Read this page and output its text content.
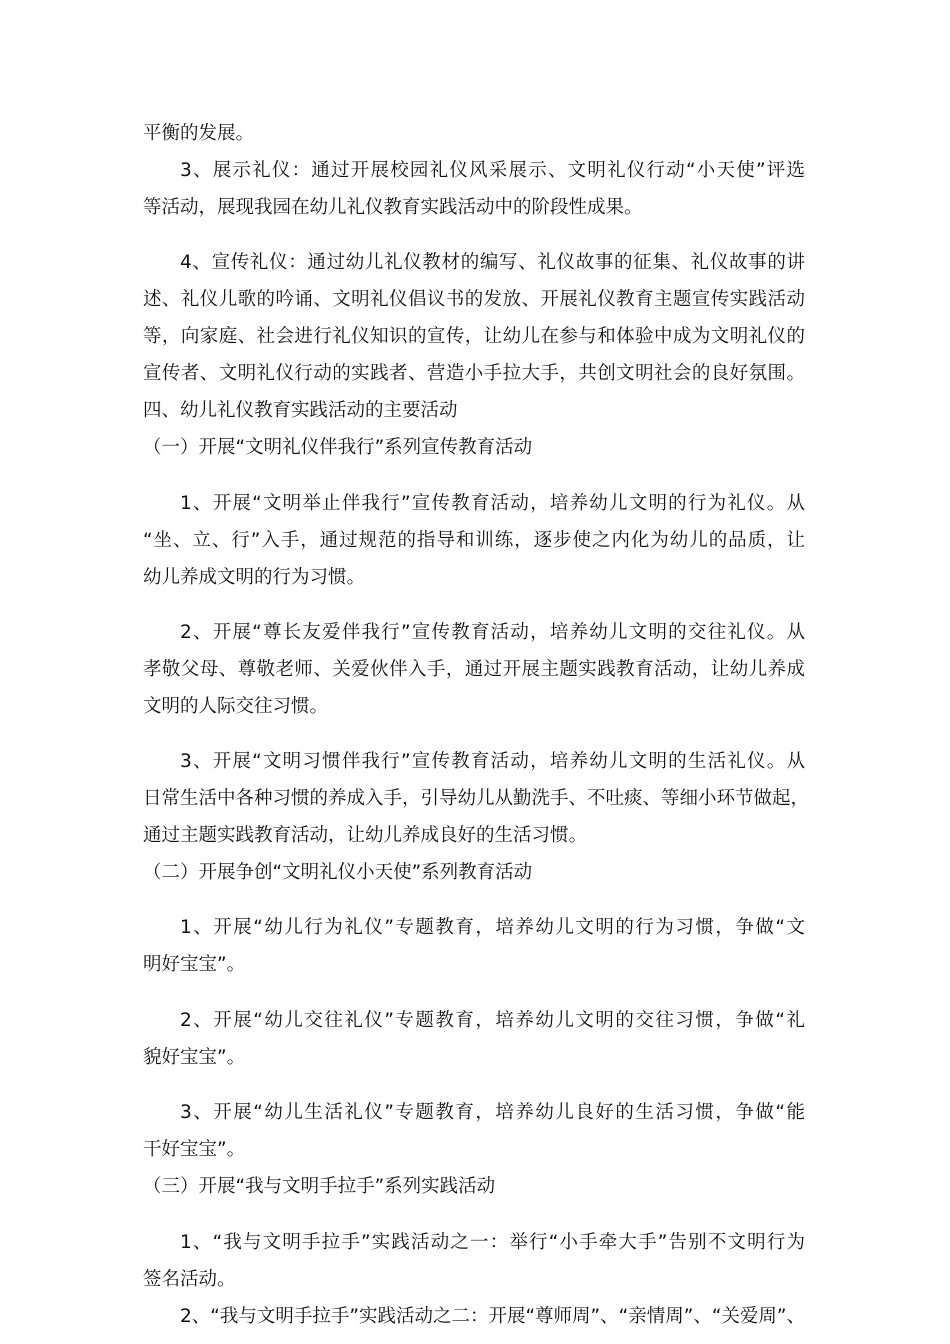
平衡的发展。
3、展示礼仪：通过开展校园礼仪风采展示、文明礼仪行动“小天使”评选
等活动，展现我园在幼儿礼仪教育实践活动中的阶段性成果。
4、宣传礼仪：通过幼儿礼仪教材的编写、礼仪故事的征集、礼仪故事的讲
述、礼仪儿歌的吟诵、文明礼仪倡议书的发放、开展礼仪教育主题宣传实践活动
等，向家庭、社会进行礼仪知识的宣传，让幼儿在参与和体验中成为文明礼仪的
宣传者、文明礼仪行动的实践者、营造小手拉大手，共创文明社会的良好氛围。
四、幼儿礼仪教育实践活动的主要活动
（一）开展“文明礼仪伴我行”系列宣传教育活动
1、开展“文明举止伴我行”宣传教育活动，培养幼儿文明的行为礼仪。从
“坐、立、行”入手，通过规范的指导和训练，逐步使之内化为幼儿的品质，让
幼儿养成文明的行为习惯。
2、开展“尊长友爱伴我行”宣传教育活动，培养幼儿文明的交往礼仪。从
孝敬父母、尊敬老师、关爱伙伴入手，通过开展主题实践教育活动，让幼儿养成
文明的人际交往习惯。
3、开展“文明习惯伴我行”宣传教育活动，培养幼儿文明的生活礼仪。从
日常生活中各种习惯的养成入手，引导幼儿从勤洗手、不吐痰、等细小环节做起，
通过主题实践教育活动，让幼儿养成良好的生活习惯。
（二）开展争创“文明礼仪小天使”系列教育活动
1、开展“幼儿行为礼仪”专题教育，培养幼儿文明的行为习惯，争做“文
明好宝宝”。
2、开展“幼儿交往礼仪”专题教育，培养幼儿文明的交往习惯，争做“礼
貌好宝宝”。
3、开展“幼儿生活礼仪”专题教育，培养幼儿良好的生活习惯，争做“能
干好宝宝”。
（三）开展“我与文明手拉手”系列实践活动
1、“我与文明手拉手”实践活动之一：举行“小手牵大手”告别不文明行为
签名活动。
2、“我与文明手拉手”实践活动之二：开展“尊师周”、“亲情周”、“关爱周”、
